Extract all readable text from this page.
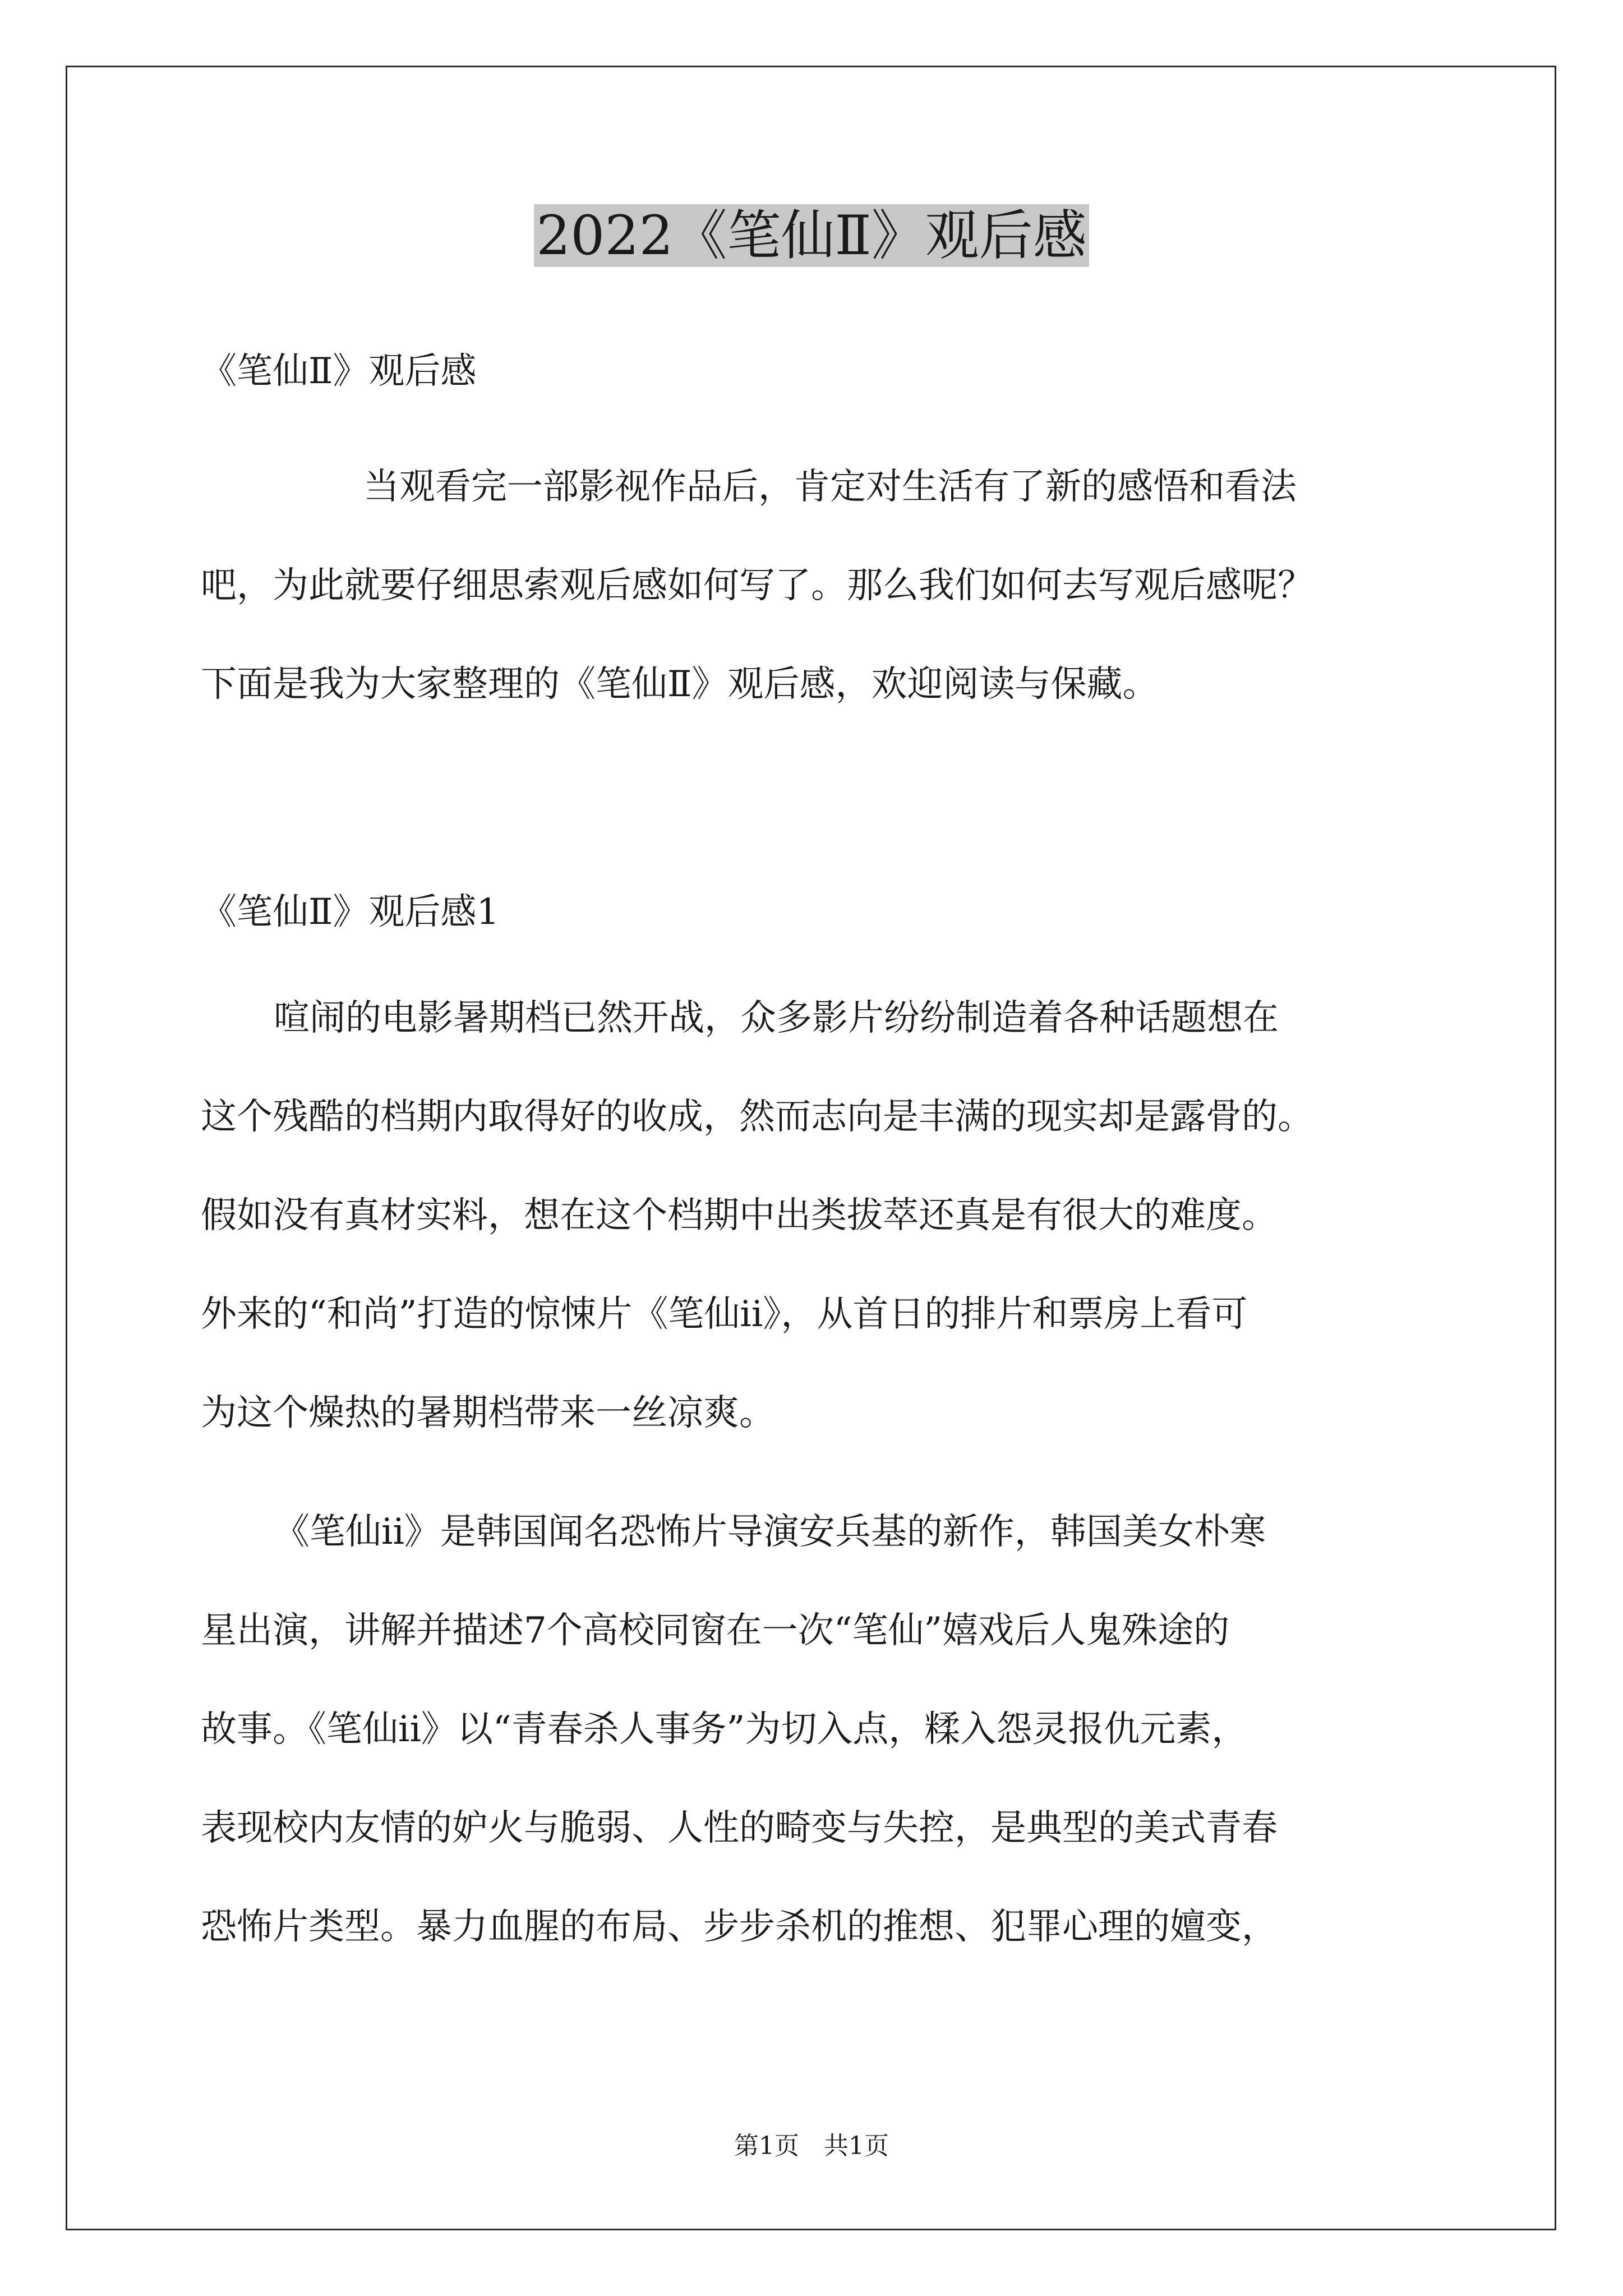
2022《笔仙Ⅱ》观后感
《笔仙Ⅱ》观后感
当观看完一部影视作品后，肯定对生活有了新的感悟和看法
吧，为此就要仔细思索观后感如何写了。那么我们如何去写观后感呢？
下面是我为大家整理的《笔仙Ⅱ》观后感，欢迎阅读与保藏。
《笔仙Ⅱ》观后感1
喧闹的电影暑期档已然开战，众多影片纷纷制造着各种话题想在
这个残酷的档期内取得好的收成，然而志向是丰满的现实却是露骨的。
假如没有真材实料，想在这个档期中出类拔萃还真是有很大的难度。
外来的“和尚”打造的惊悚片《笔仙ii》，从首日的排片和票房上看可
为这个燥热的暑期档带来一丝凉爽。
《笔仙ii》是韩国闻名恐怖片导演安兵基的新作，韩国美女朴寒
星出演，讲解并描述7个高校同窗在一次“笔仙”嬉戏后人鬼殊途的
故事。《笔仙ii》以“青春杀人事务”为切入点，糅入怨灵报仇元素，
表现校内友情的妒火与脆弱、人性的畸变与失控，是典型的美式青春
恐怖片类型。暴力血腥的布局、步步杀机的推想、犯罪心理的嬗变，
第1页　共1页
